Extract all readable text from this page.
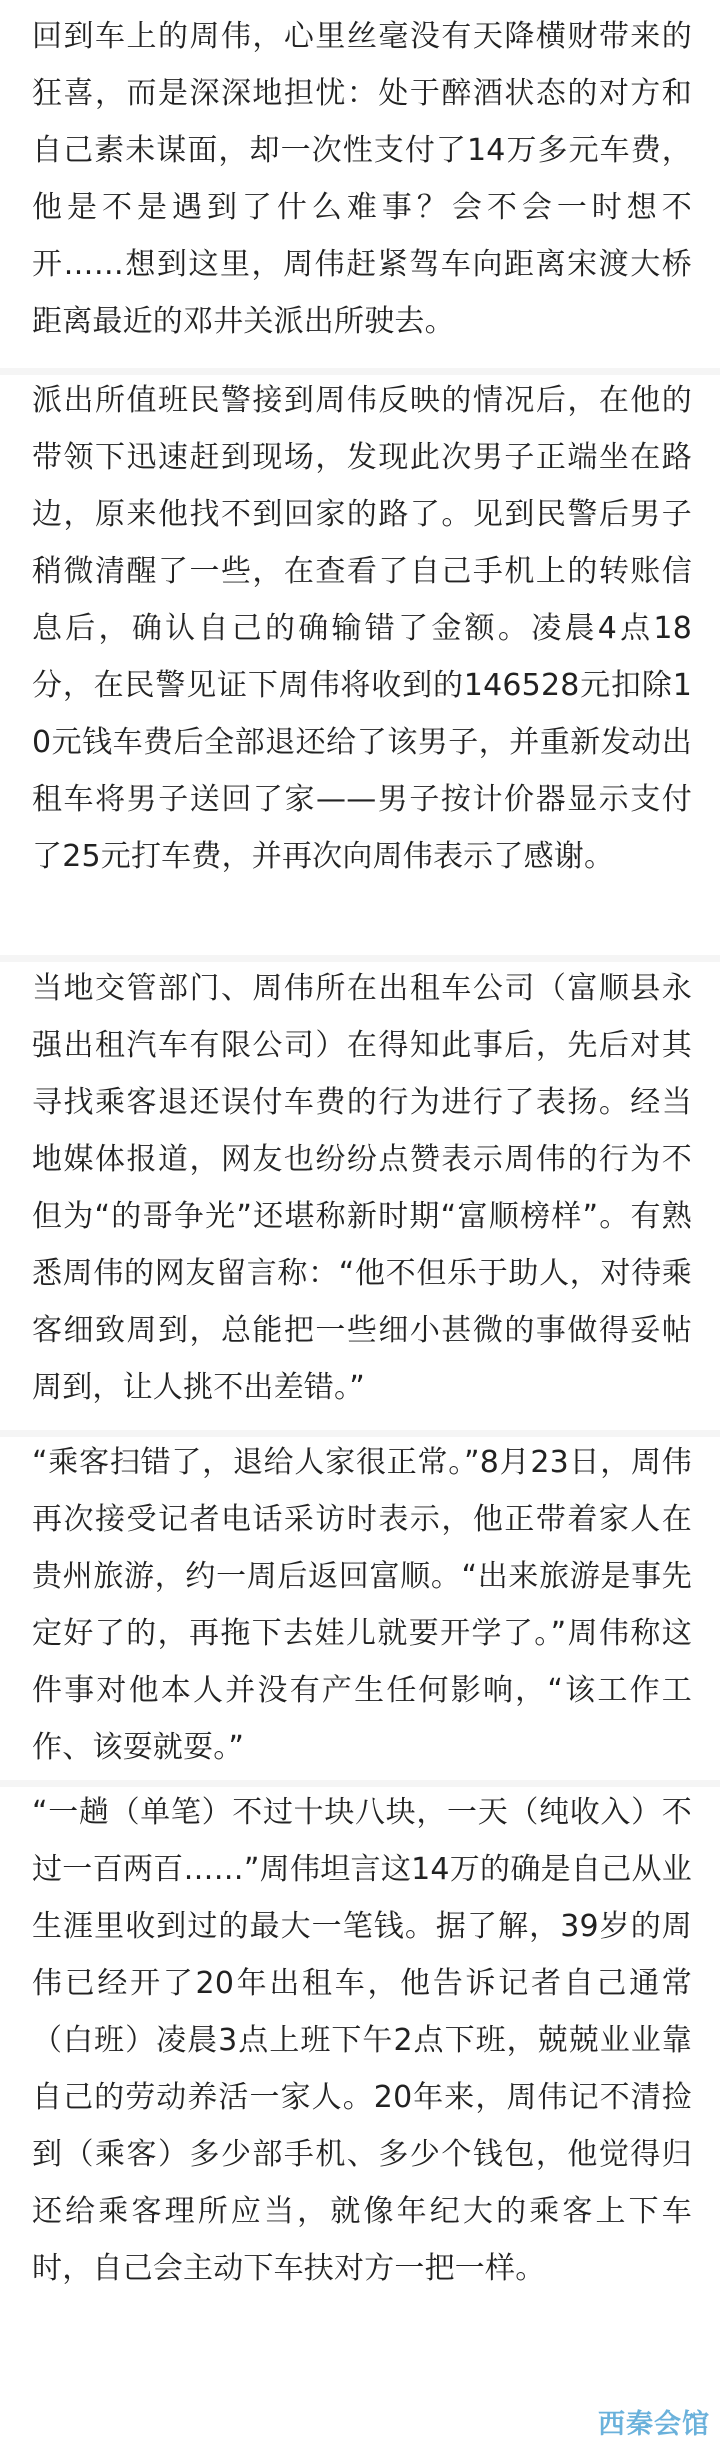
回到车上的周伟，心里丝毫没有天降横财带来的狂喜，而是深深地担忧：处于醉酒状态的对方和自己素未谋面，却一次性支付了14万多元车费，他是不是遇到了什么难事？会不会一时想不开……想到这里，周伟赶紧驾车向距离宋渡大桥距离最近的邓井关派出所驶去。

派出所值班民警接到周伟反映的情况后，在他的带领下迅速赶到现场，发现此次男子正端坐在路边，原来他找不到回家的路了。见到民警后男子稍微清醒了一些，在查看了自己手机上的转账信息后，确认自己的确输错了金额。凌晨4点18分，在民警见证下周伟将收到的146528元扣除10元钱车费后全部退还给了该男子，并重新发动出租车将男子送回了家——男子按计价器显示支付了25元打车费，并再次向周伟表示了感谢。

当地交管部门、周伟所在出租车公司（富顺县永强出租汽车有限公司）在得知此事后，先后对其寻找乘客退还误付车费的行为进行了表扬。经当地媒体报道，网友也纷纷点赞表示周伟的行为不但为“的哥争光”还堪称新时期“富顺榜样”。有熟悉周伟的网友留言称：“他不但乐于助人，对待乘客细致周到，总能把一些细小甚微的事做得妥帖周到，让人挑不出差错。”

“乘客扫错了，退给人家很正常。”8月23日，周伟再次接受记者电话采访时表示，他正带着家人在贵州旅游，约一周后返回富顺。“出来旅游是事先定好了的，再拖下去娃儿就要开学了。”周伟称这件事对他本人并没有产生任何影响，“该工作工作、该耍就耍。”

“一趟（单笔）不过十块八块，一天（纯收入）不过一百两百……”周伟坦言这14万的确是自己从业生涯里收到过的最大一笔钱。据了解，39岁的周伟已经开了20年出租车，他告诉记者自己通常（白班）凌晨3点上班下午2点下班，兢兢业业靠自己的劳动养活一家人。20年来，周伟记不清捡到（乘客）多少部手机、多少个钱包，他觉得归还给乘客理所应当，就像年纪大的乘客上下车时，自己会主动下车扶对方一把一样。

西秦会馆
